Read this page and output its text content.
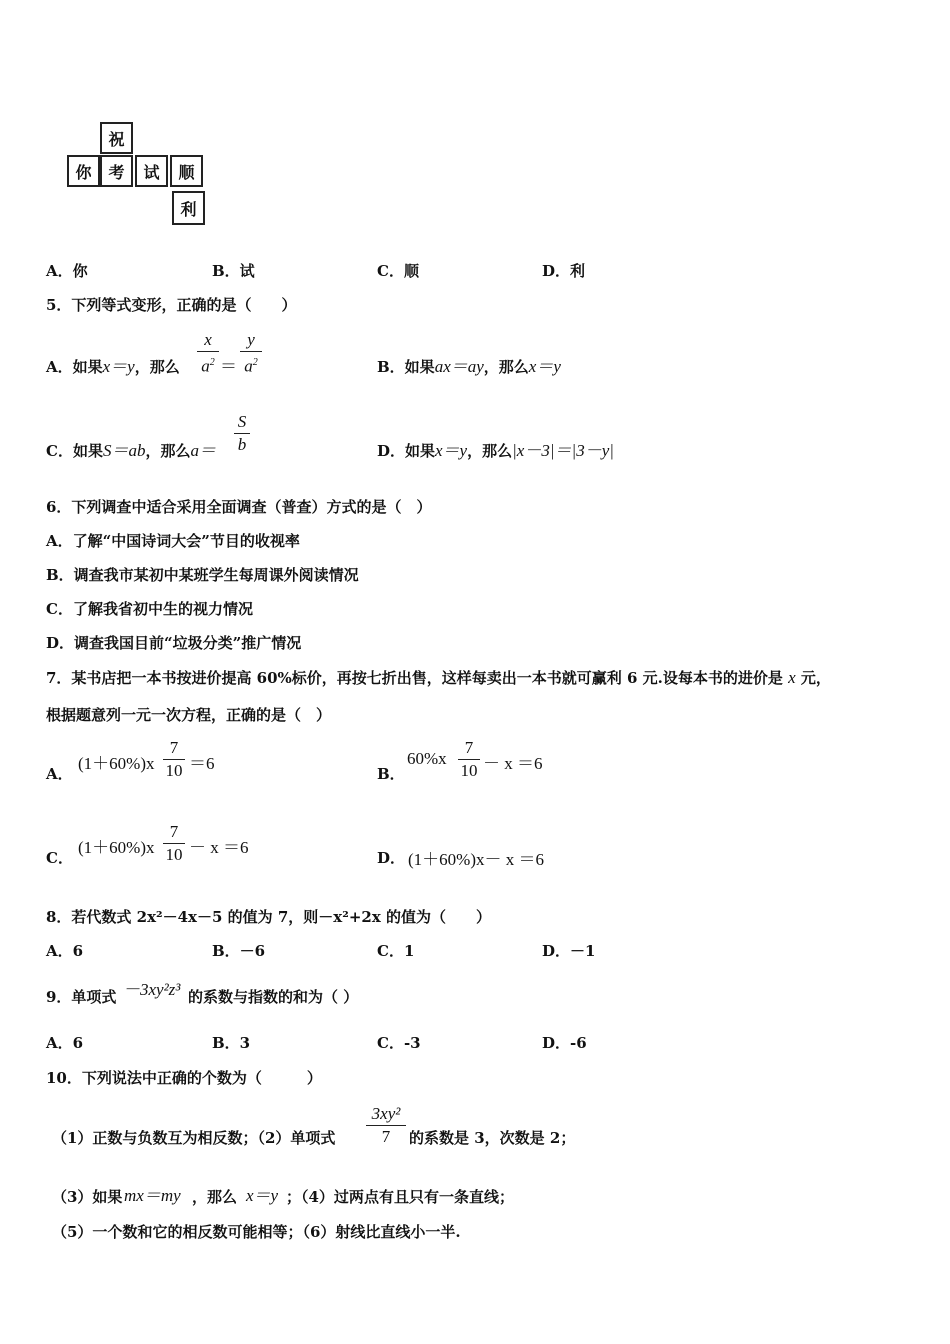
祝
你	考	试	顺
利
A．你	B．试	C．顺	D．利
5．下列等式变形，正确的是（　　）
A．如果x＝y，那么
x
$a^2$ ＝
y
$a^2$	B．如果ax＝ay，那么x＝y
C．如果S＝ab，那么a＝
S
b	D．如果x＝y，那么|x－3|＝|3－y|
6．下列调查中适合采用全面调查（普查）方式的是（　）
A．了解“中国诗词大会”节目的收视率
B．调查我市某初中某班学生每周课外阅读情况
C．了解我省初中生的视力情况
D．调查我国目前“垃圾分类”推广情况
7．某书店把一本书按进价提高 60%标价，再按七折出售，这样每卖出一本书就可赢利 6 元.设每本书的进价是 x 元，
根据题意列一元一次方程，正确的是（　）
A．
(1＋60%)x
7
10 ＝6
B．
60%x
7
10 － x ＝6
C．
(1＋60%)x
7
10 － x ＝6
D． (1＋60%)x－ x ＝6
8．若代数式 2x²－4x－5 的值为 7，则－x²+2x 的值为（　　）
A．6	B．－6	C．1	D．－1
9．单项式 －3xy²z³ 的系数与指数的和为（ ）
A．6	B．3	C．-3	D．-6
10．下列说法中正确的个数为（　　　）
（1）正数与负数互为相反数；（2）单项式
3xy²
7	的系数是 3，次数是 2；
（3）如果 mx＝my ，那么 x＝y ；（4）过两点有且只有一条直线；
（5）一个数和它的相反数可能相等；（6）射线比直线小一半.
